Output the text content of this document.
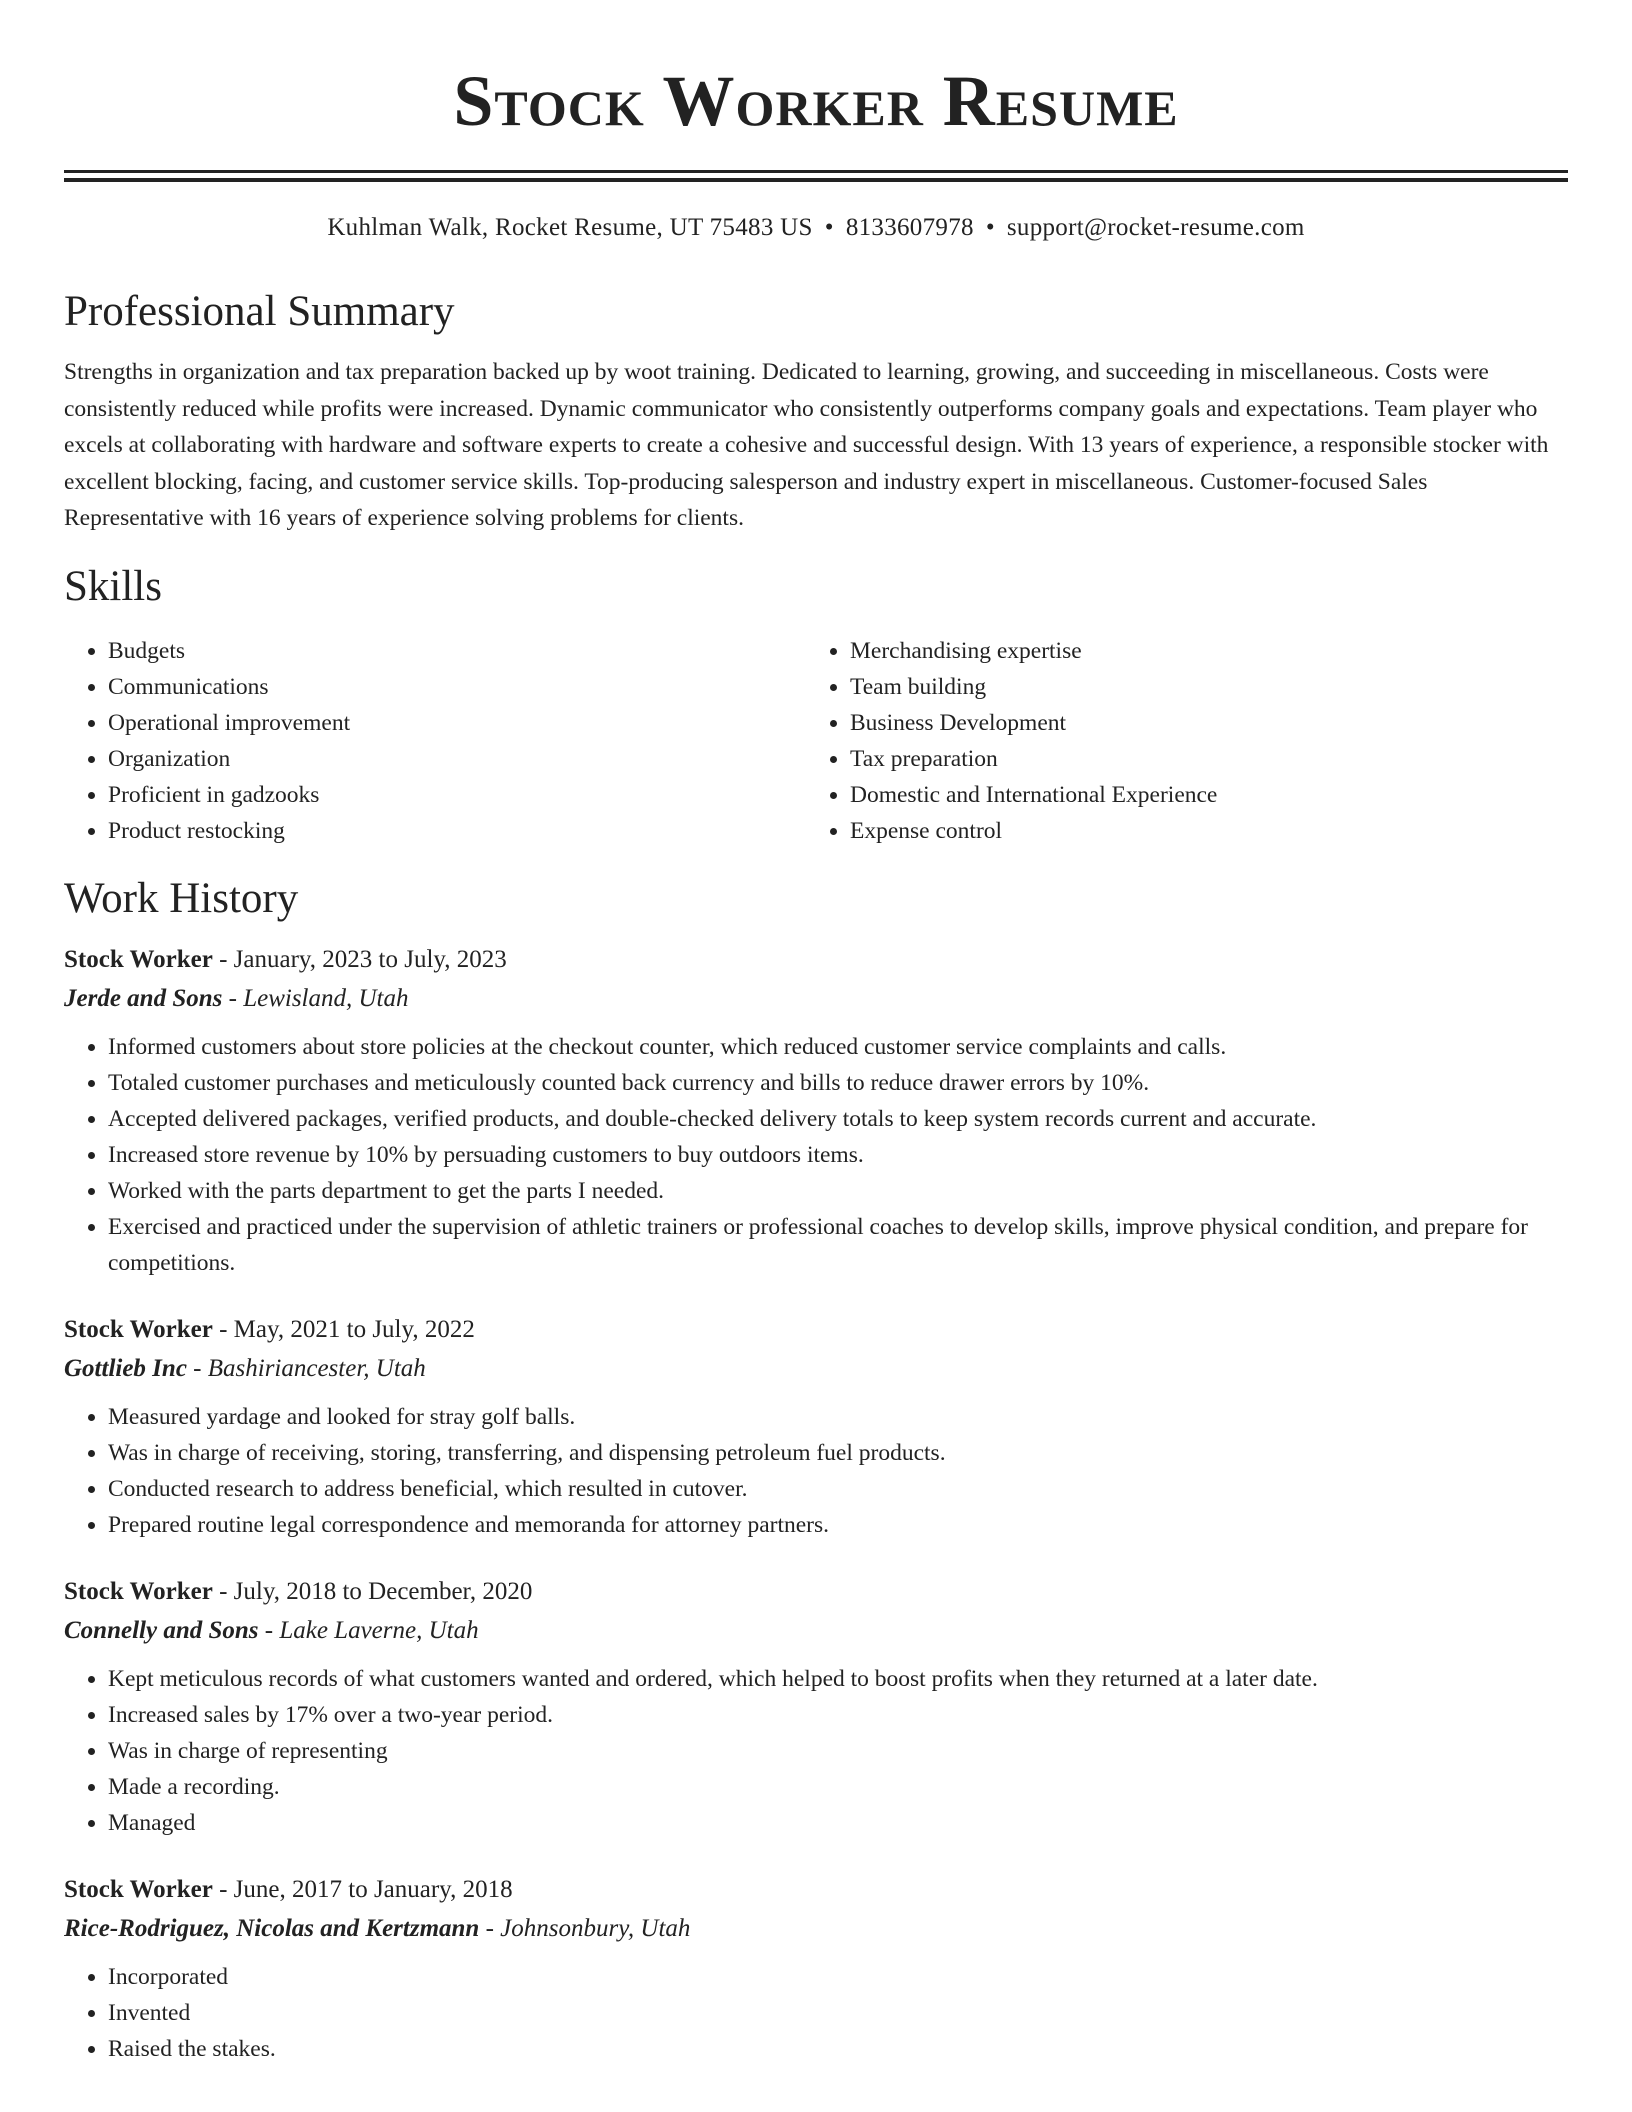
Stock Worker Resume
Kuhlman Walk, Rocket Resume, UT 75483 US • 8133607978 • support@rocket-resume.com
Professional Summary
Strengths in organization and tax preparation backed up by woot training. Dedicated to learning, growing, and succeeding in miscellaneous. Costs were consistently reduced while profits were increased. Dynamic communicator who consistently outperforms company goals and expectations. Team player who excels at collaborating with hardware and software experts to create a cohesive and successful design. With 13 years of experience, a responsible stocker with excellent blocking, facing, and customer service skills. Top-producing salesperson and industry expert in miscellaneous. Customer-focused Sales Representative with 16 years of experience solving problems for clients.
Skills
• Budgets
• Communications
• Operational improvement
• Organization
• Proficient in gadzooks
• Product restocking
• Merchandising expertise
• Team building
• Business Development
• Tax preparation
• Domestic and International Experience
• Expense control
Work History
Stock Worker - January, 2023 to July, 2023
Jerde and Sons - Lewisland, Utah
• Informed customers about store policies at the checkout counter, which reduced customer service complaints and calls.
• Totaled customer purchases and meticulously counted back currency and bills to reduce drawer errors by 10%.
• Accepted delivered packages, verified products, and double-checked delivery totals to keep system records current and accurate.
• Increased store revenue by 10% by persuading customers to buy outdoors items.
• Worked with the parts department to get the parts I needed.
• Exercised and practiced under the supervision of athletic trainers or professional coaches to develop skills, improve physical condition, and prepare for competitions.
Stock Worker - May, 2021 to July, 2022
Gottlieb Inc - Bashiriancester, Utah
• Measured yardage and looked for stray golf balls.
• Was in charge of receiving, storing, transferring, and dispensing petroleum fuel products.
• Conducted research to address beneficial, which resulted in cutover.
• Prepared routine legal correspondence and memoranda for attorney partners.
Stock Worker - July, 2018 to December, 2020
Connelly and Sons - Lake Laverne, Utah
• Kept meticulous records of what customers wanted and ordered, which helped to boost profits when they returned at a later date.
• Increased sales by 17% over a two-year period.
• Was in charge of representing
• Made a recording.
• Managed
Stock Worker - June, 2017 to January, 2018
Rice-Rodriguez, Nicolas and Kertzmann - Johnsonbury, Utah
• Incorporated
• Invented
• Raised the stakes.
